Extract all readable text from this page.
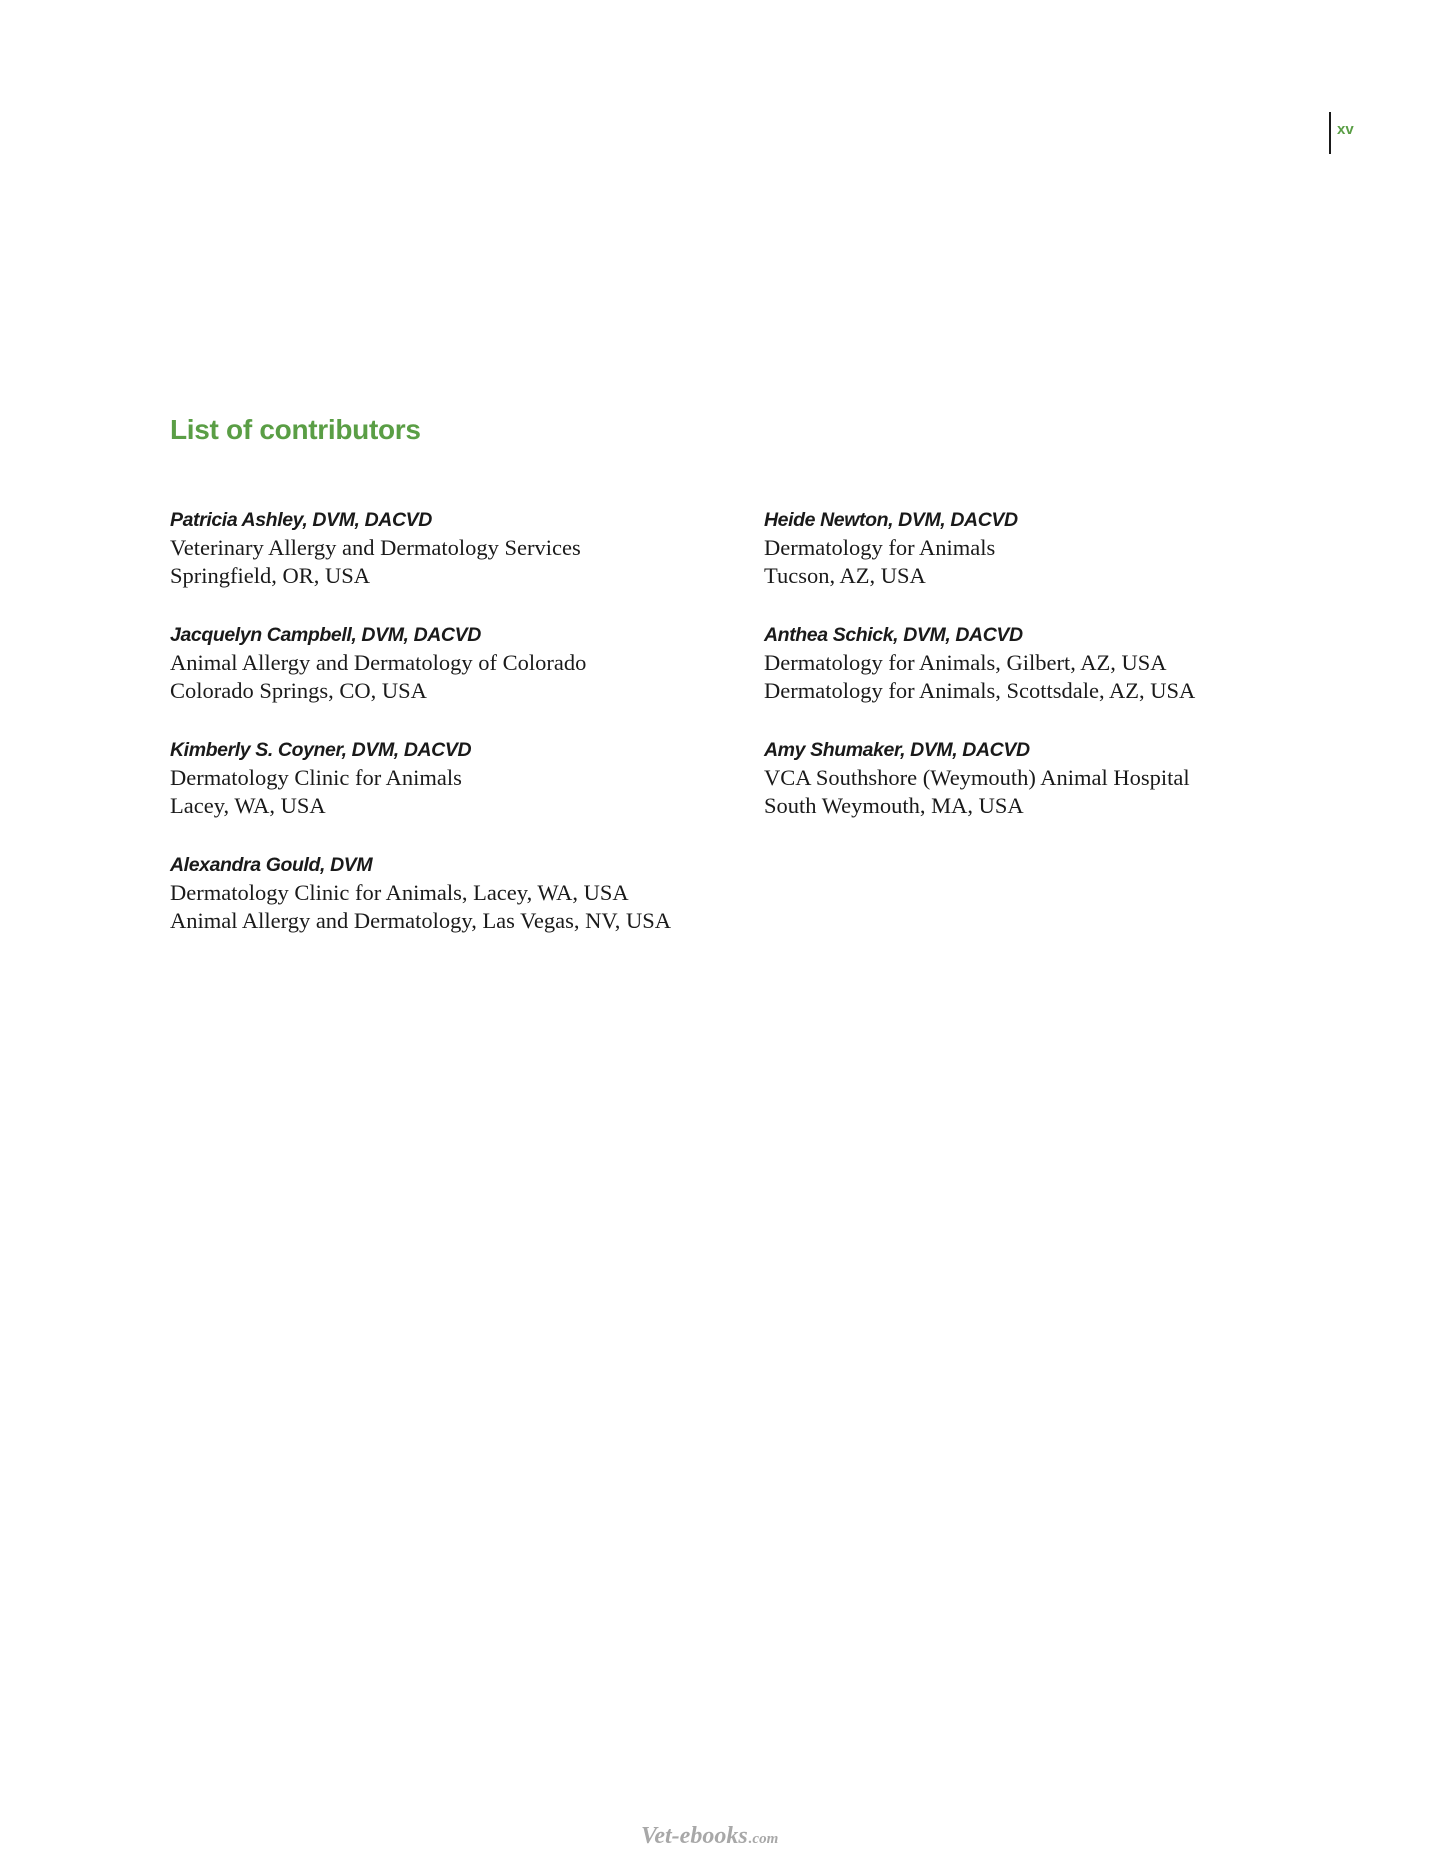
xv
List of contributors
Patricia Ashley, DVM, DACVD
Veterinary Allergy and Dermatology Services
Springfield, OR, USA
Jacquelyn Campbell, DVM, DACVD
Animal Allergy and Dermatology of Colorado
Colorado Springs, CO, USA
Kimberly S. Coyner, DVM, DACVD
Dermatology Clinic for Animals
Lacey, WA, USA
Alexandra Gould, DVM
Dermatology Clinic for Animals, Lacey, WA, USA
Animal Allergy and Dermatology, Las Vegas, NV, USA
Heide Newton, DVM, DACVD
Dermatology for Animals
Tucson, AZ, USA
Anthea Schick, DVM, DACVD
Dermatology for Animals, Gilbert, AZ, USA
Dermatology for Animals, Scottsdale, AZ, USA
Amy Shumaker, DVM, DACVD
VCA Southshore (Weymouth) Animal Hospital
South Weymouth, MA, USA
Vet-ebooks .com
